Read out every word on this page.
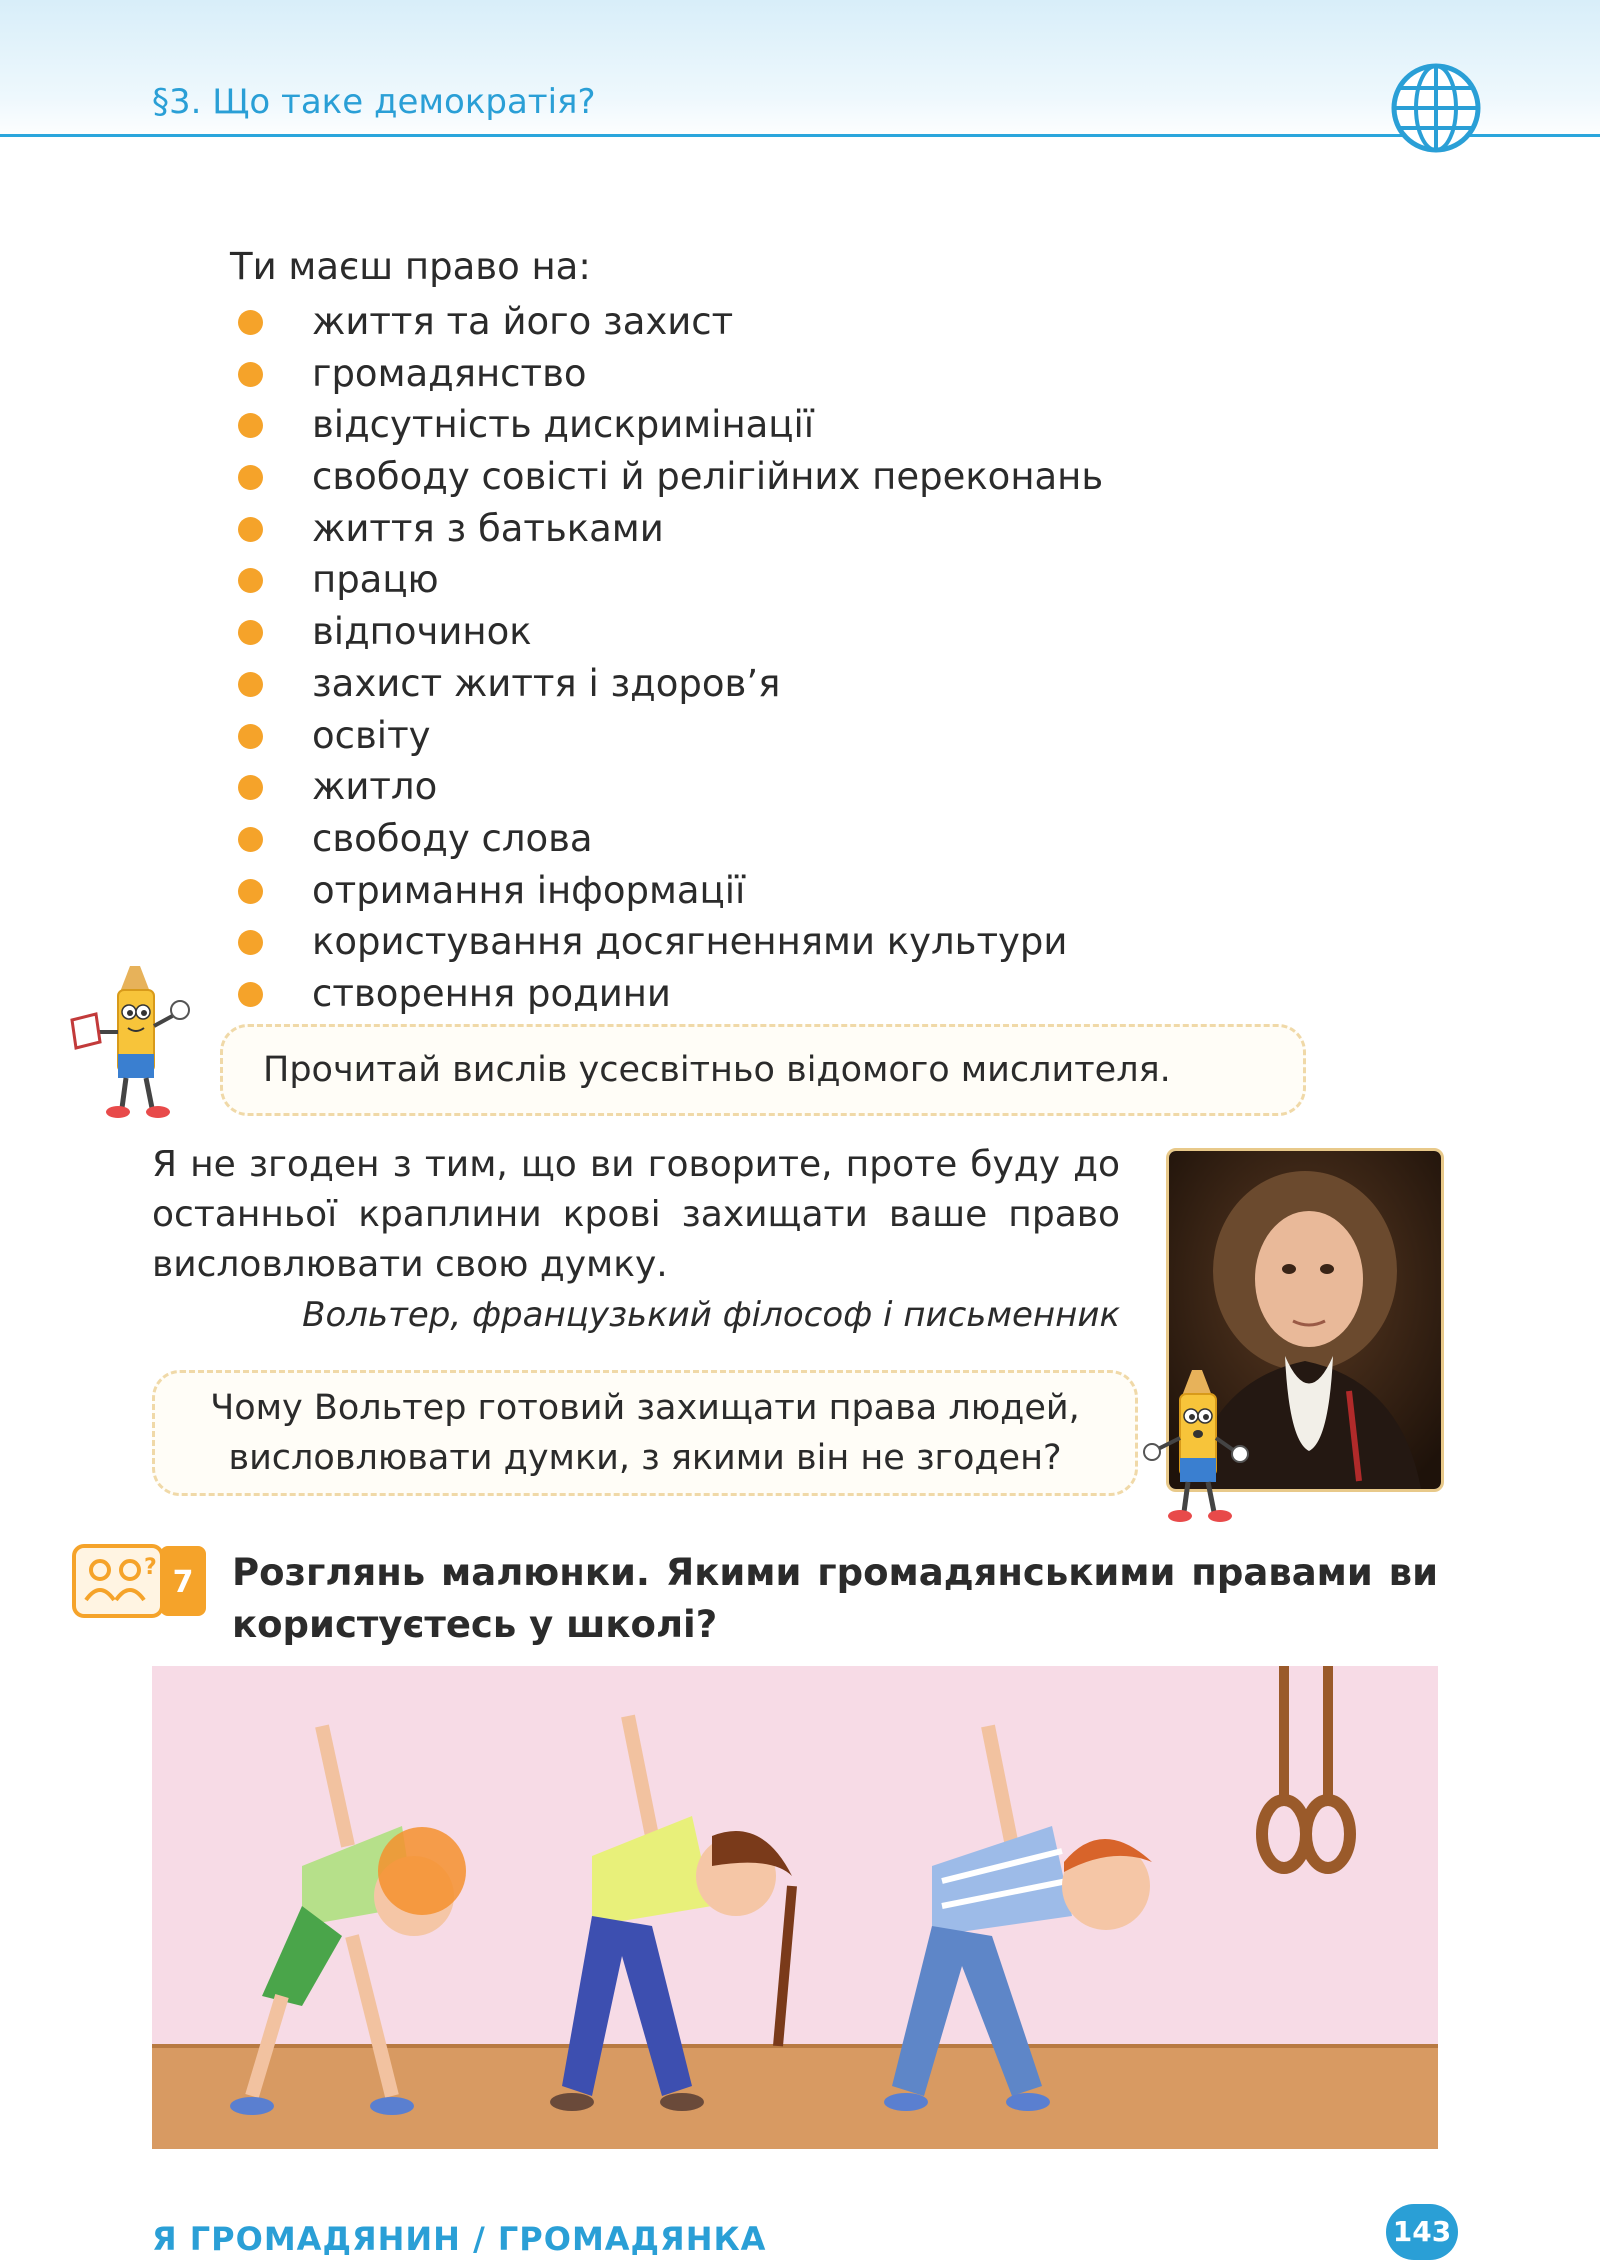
§3. Що таке демократія?
Ти маєш право на:
життя та його захист
громадянство
відсутність дискримінації
свободу совісті й релігійних переконань
життя з батьками
працю
відпочинок
захист життя і здоров’я
освіту
житло
свободу слова
отримання інформації
користування досягненнями культури
створення родини
Прочитай вислів усесвітньо відомого мислителя.
Я не згоден з тим, що ви говорите, проте буду до останньої краплини крові захищати ваше право висловлювати свою думку.
Вольтер, французький філософ і письменник
Чому Вольтер готовий захищати права людей,
висловлювати думки, з якими він не згоден?
? 7 Розглянь малюнки. Якими громадянськими правами ви користуєтесь у школі?
Я ГРОМАДЯНИН / ГРОМАДЯНКА	143
